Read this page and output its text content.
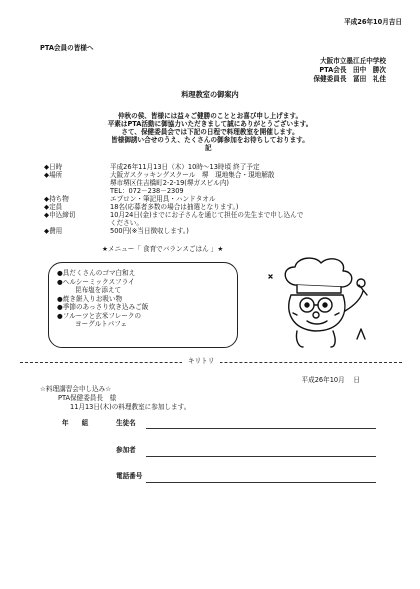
平成26年10月吉日
PTA会員の皆様へ
大阪市立墨江丘中学校
PTA会長　田中　勝次
保健委員長　冨田　礼佳
料理教室の御案内
仲秋の侯、皆様には益々ご健勝のこととお喜び申し上げます。
平素はPTA活動に御協力いただきまして誠にありがとうございます。
さて、保健委員会では下記の日程で料理教室を開催します。
皆様御誘い合せのうえ、たくさんの御参加をお待ちしております。
記
◆日時
◆場所
◆持ち物
◆定員
◆申込締切
◆費用
平成26年11月13日（木）10時〜13時頃 終了予定
大阪ガスクッキングスクール　堺　現地集合・現地解散
堺市堺区住吉橋町2-2-19(堺ガスビル内)
TEL：072－238－2309
エプロン・筆記用具・ハンドタオル
18名(応募者多数の場合は抽選となります。)
10月24日(金)までにお子さんを通じて担任の先生まで申し込んで
ください。
500円(※当日徴収します。)
★メニュー「 食育でバランスごはん 」★
●具だくさんのゴマ白和え
●ヘルシーミックスフライ
昆布塩を添えて
●焼き餅入りお吸い物
●季節のあっさり炊き込みご飯
●フルーツと玄米フレークの
ヨーグルトパフェ
キリトリ
平成26年10月　 日
☆料理講習会申し込み☆
PTA保健委員長　様
11月13日(木)の料理教室に参加します。
年　　組	生徒名
参加者
電話番号
